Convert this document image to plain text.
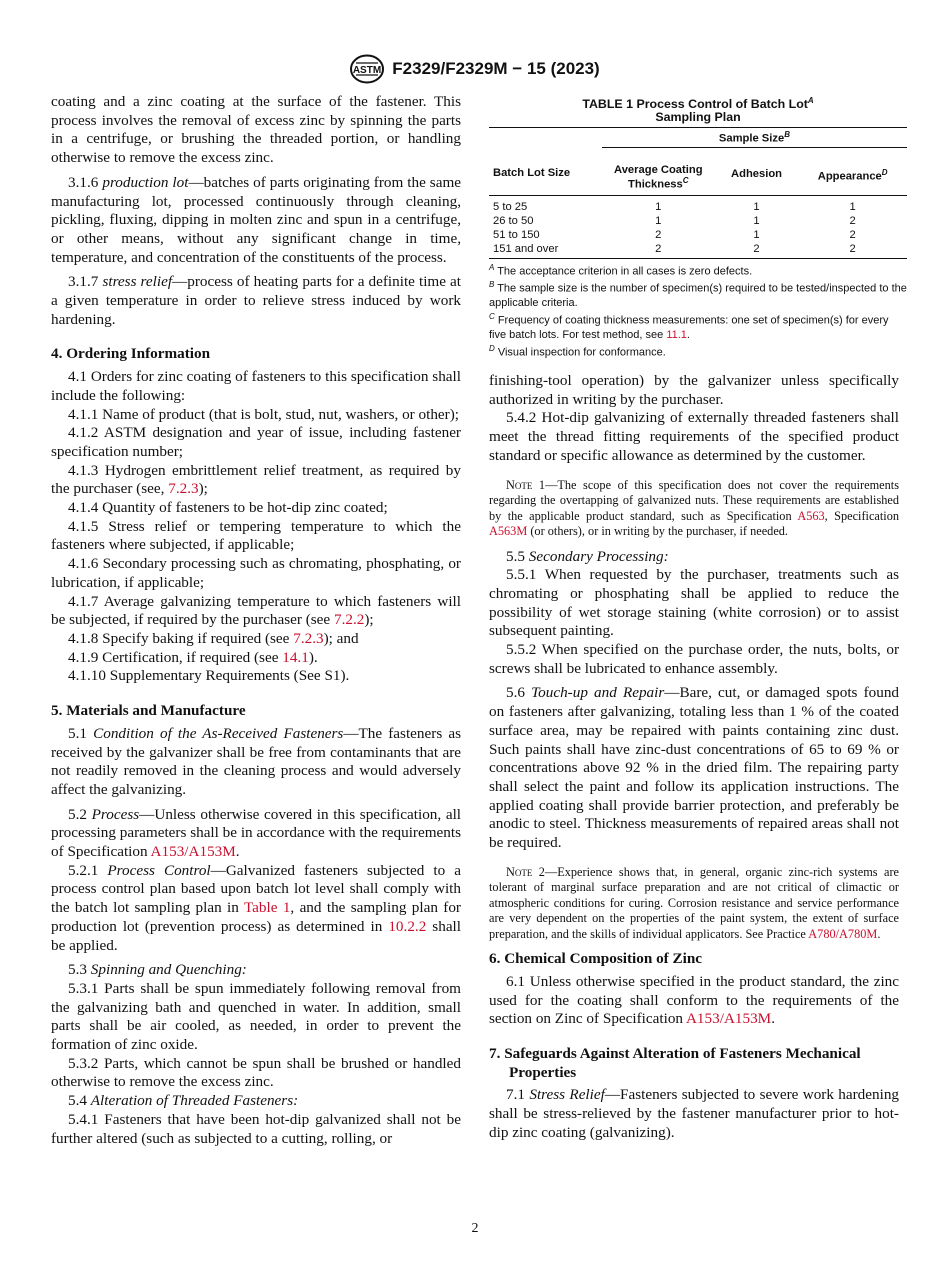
ASTM F2329/F2329M − 15 (2023)

coating and a zinc coating at the surface of the fastener. This process involves the removal of excess zinc by spinning the parts in a centrifuge, or brushing the threaded portion, or handling otherwise to remove the excess zinc.

3.1.6 production lot—batches of parts originating from the same manufacturing lot, processed continuously through cleaning, pickling, fluxing, dipping in molten zinc and spun in a centrifuge, or other means, without any significant change in time, temperature, and concentration of the constituents of the process.

3.1.7 stress relief—process of heating parts for a definite time at a given temperature in order to relieve stress induced by work hardening.

4. Ordering Information

4.1 Orders for zinc coating of fasteners to this specification shall include the following:

4.1.1 Name of product (that is bolt, stud, nut, washers, or other);

4.1.2 ASTM designation and year of issue, including fastener specification number;

4.1.3 Hydrogen embrittlement relief treatment, as required by the purchaser (see, 7.2.3);

4.1.4 Quantity of fasteners to be hot-dip zinc coated;

4.1.5 Stress relief or tempering temperature to which the fasteners where subjected, if applicable;

4.1.6 Secondary processing such as chromating, phosphating, or lubrication, if applicable;

4.1.7 Average galvanizing temperature to which fasteners will be subjected, if required by the purchaser (see 7.2.2);

4.1.8 Specify baking if required (see 7.2.3); and

4.1.9 Certification, if required (see 14.1).

4.1.10 Supplementary Requirements (See S1).

5. Materials and Manufacture

5.1 Condition of the As-Received Fasteners—The fasteners as received by the galvanizer shall be free from contaminants that are not readily removed in the cleaning process and would adversely affect the galvanizing.

5.2 Process—Unless otherwise covered in this specification, all processing parameters shall be in accordance with the requirements of Specification A153/A153M.

5.2.1 Process Control—Galvanized fasteners subjected to a process control plan based upon batch lot level shall comply with the batch lot sampling plan in Table 1, and the sampling plan for production lot (prevention process) as determined in 10.2.2 shall be applied.

5.3 Spinning and Quenching:

5.3.1 Parts shall be spun immediately following removal from the galvanizing bath and quenched in water. In addition, small parts shall be air cooled, as needed, in order to prevent the formation of zinc oxide.

5.3.2 Parts, which cannot be spun shall be brushed or handled otherwise to remove the excess zinc.

5.4 Alteration of Threaded Fasteners:

5.4.1 Fasteners that have been hot-dip galvanized shall not be further altered (such as subjected to a cutting, rolling, or

TABLE 1 Process Control of Batch Lot$^A$
Sampling Plan
	Sample Size$^B$
Batch Lot Size	Average Coating Thickness$^C$	Adhesion	Appearance$^D$
5 to 25	1	1	1
26 to 50	1	1	2
51 to 150	2	1	2
151 and over	2	2	2

$^A$ The acceptance criterion in all cases is zero defects.

$^B$ The sample size is the number of specimen(s) required to be tested/inspected to the applicable criteria.

$^C$ Frequency of coating thickness measurements: one set of specimen(s) for every five batch lots. For test method, see 11.1.

$^D$ Visual inspection for conformance.

finishing-tool operation) by the galvanizer unless specifically authorized in writing by the purchaser.

5.4.2 Hot-dip galvanizing of externally threaded fasteners shall meet the thread fitting requirements of the specified product standard or specific allowance as determined by the customer.

Note 1—The scope of this specification does not cover the requirements regarding the overtapping of galvanized nuts. These requirements are established by the applicable product standard, such as Specification A563, Specification A563M (or others), or in writing by the purchaser, if needed.

5.5 Secondary Processing:

5.5.1 When requested by the purchaser, treatments such as chromating or phosphating shall be applied to reduce the possibility of wet storage staining (white corrosion) or to assist subsequent painting.

5.5.2 When specified on the purchase order, the nuts, bolts, or screws shall be lubricated to enhance assembly.

5.6 Touch-up and Repair—Bare, cut, or damaged spots found on fasteners after galvanizing, totaling less than 1 % of the coated surface area, may be repaired with paints containing zinc dust. Such paints shall have zinc-dust concentrations of 65 to 69 % or concentrations above 92 % in the dried film. The repairing party shall select the paint and follow its application instructions. The applied coating shall provide barrier protection, and preferably be anodic to steel. Thickness measurements of repaired areas shall not be required.

Note 2—Experience shows that, in general, organic zinc-rich systems are tolerant of marginal surface preparation and are not critical of climactic or atmospheric conditions for curing. Corrosion resistance and service performance are very dependent on the properties of the paint system, the extent of surface preparation, and the skills of individual applicators. See Practice A780/A780M.

6. Chemical Composition of Zinc

6.1 Unless otherwise specified in the product standard, the zinc used for the coating shall conform to the requirements of the section on Zinc of Specification A153/A153M.

7. Safeguards Against Alteration of Fasteners Mechanical Properties

7.1 Stress Relief—Fasteners subjected to severe work hardening shall be stress-relieved by the fastener manufacturer prior to hot-dip zinc coating (galvanizing).

2
